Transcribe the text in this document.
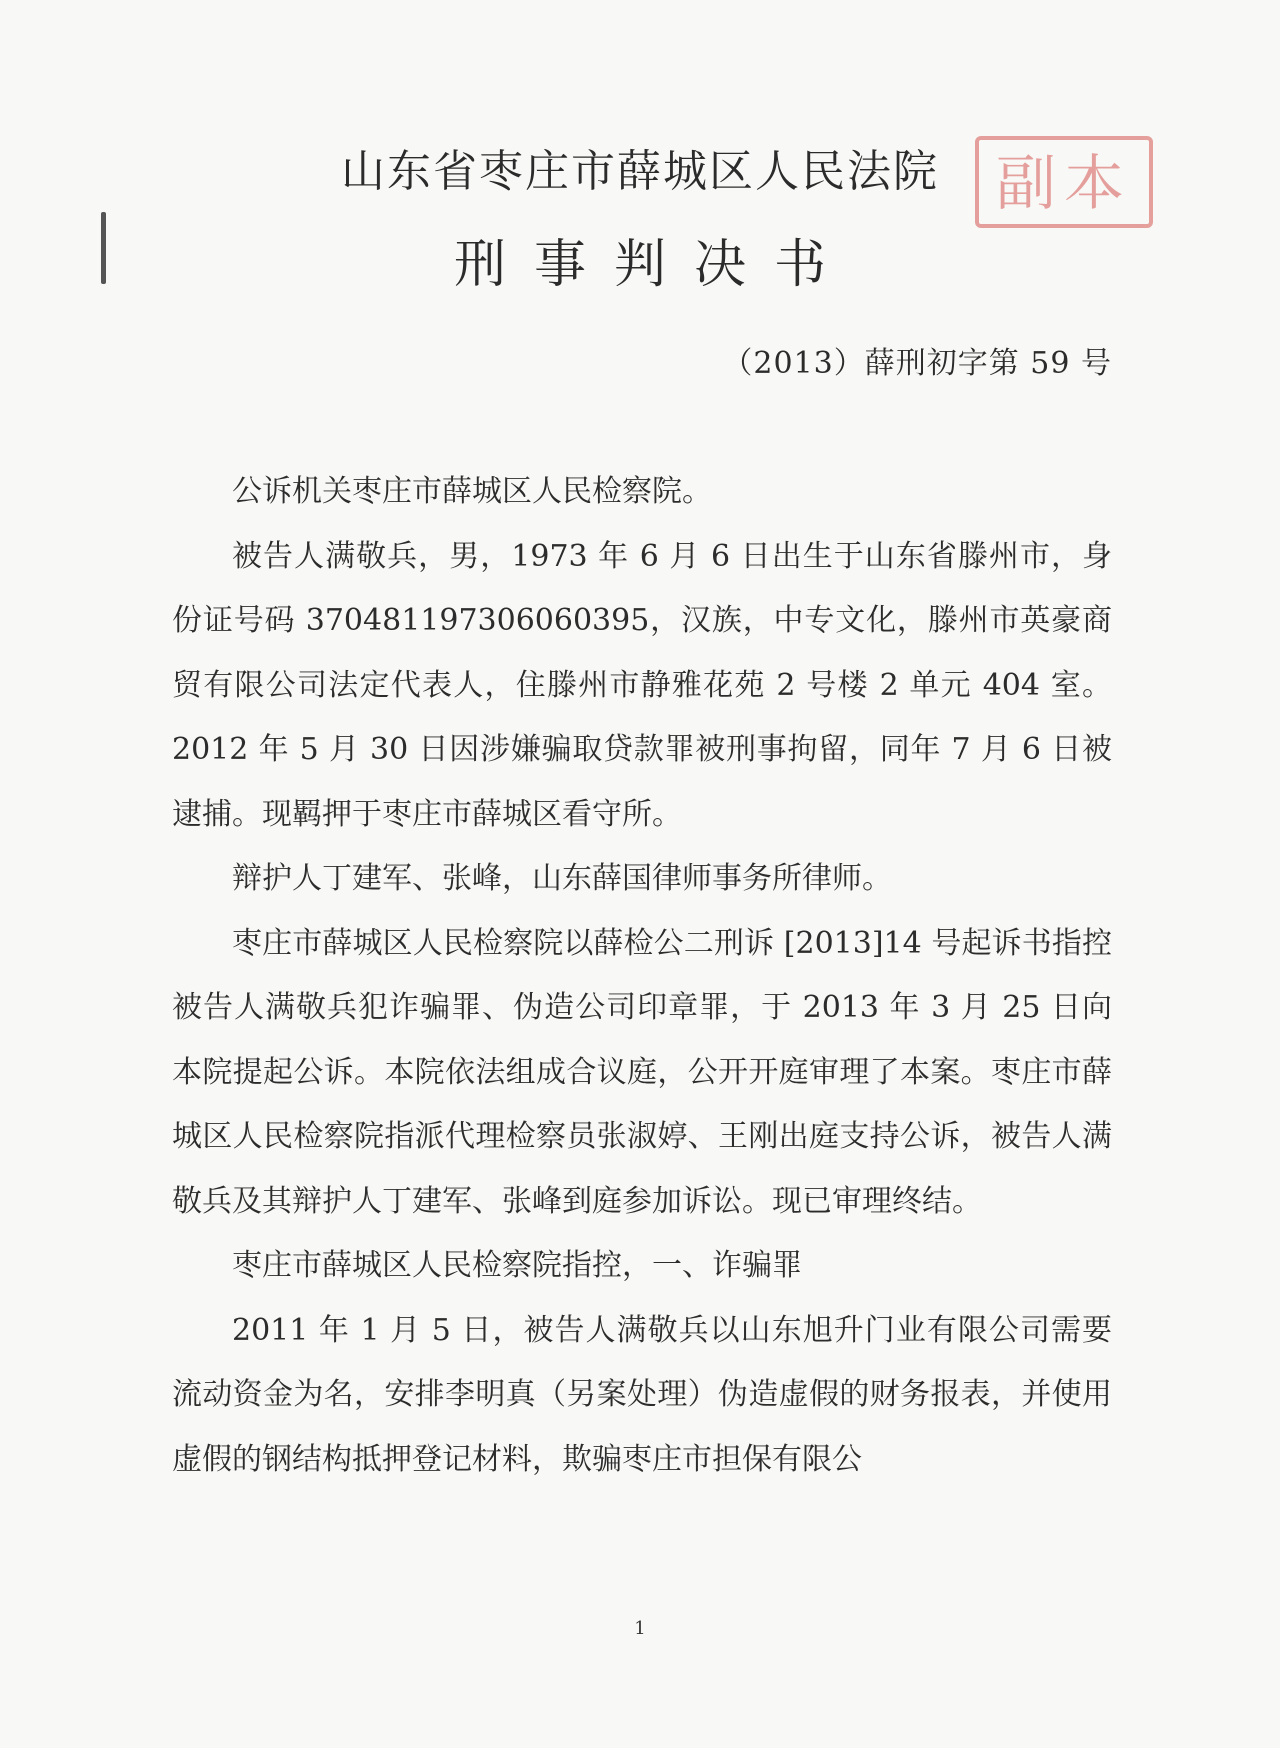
山东省枣庄市薛城区人民法院 副本
刑事判决书
（2013）薛刑初字第 59 号

公诉机关枣庄市薛城区人民检察院。

被告人满敬兵，男，1973 年 6 月 6 日出生于山东省滕州市，身份证号码 370481197306060395，汉族，中专文化，滕州市英豪商贸有限公司法定代表人，住滕州市静雅花苑 2 号楼 2 单元 404 室。2012 年 5 月 30 日因涉嫌骗取贷款罪被刑事拘留，同年 7 月 6 日被逮捕。现羁押于枣庄市薛城区看守所。

辩护人丁建军、张峰，山东薛国律师事务所律师。

枣庄市薛城区人民检察院以薛检公二刑诉 [2013]14 号起诉书指控被告人满敬兵犯诈骗罪、伪造公司印章罪，于 2013 年 3 月 25 日向本院提起公诉。本院依法组成合议庭，公开开庭审理了本案。枣庄市薛城区人民检察院指派代理检察员张淑婷、王刚出庭支持公诉，被告人满敬兵及其辩护人丁建军、张峰到庭参加诉讼。现已审理终结。

枣庄市薛城区人民检察院指控，一、诈骗罪

2011 年 1 月 5 日，被告人满敬兵以山东旭升门业有限公司需要流动资金为名，安排李明真（另案处理）伪造虚假的财务报表，并使用虚假的钢结构抵押登记材料，欺骗枣庄市担保有限公

1
